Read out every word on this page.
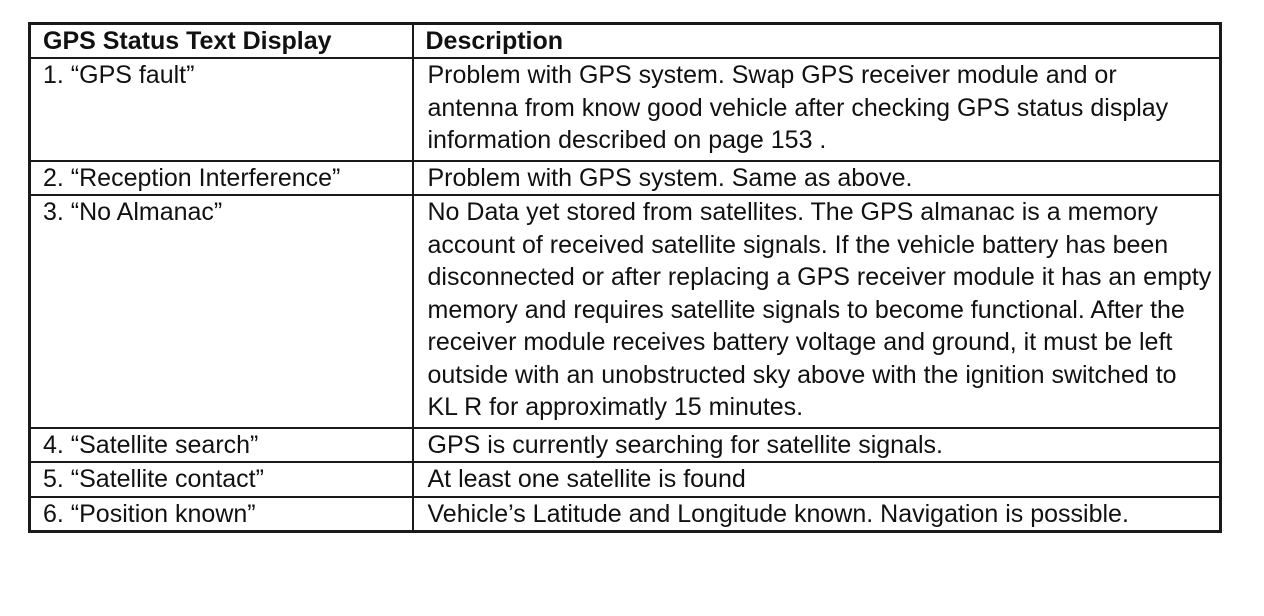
GPS Status Text Display	Description
1. “GPS fault”	Problem with GPS system. Swap GPS receiver module and or antenna from know good vehicle after checking GPS status display information described on page 153 .
2. “Reception Interference”	Problem with GPS system. Same as above.
3. “No Almanac”	No Data yet stored from satellites. The GPS almanac is a memory account of received satellite signals. If the vehicle battery has been disconnected or after replacing a GPS receiver module it has an empty memory and requires satellite signals to become functional. After the receiver module receives battery voltage and ground, it must be left outside with an unobstructed sky above with the ignition switched to KL R for approximatly 15 minutes.
4. “Satellite search”	GPS is currently searching for satellite signals.
5. “Satellite contact”	At least one satellite is found
6. “Position known”	Vehicle’s Latitude and Longitude known. Navigation is possible.
